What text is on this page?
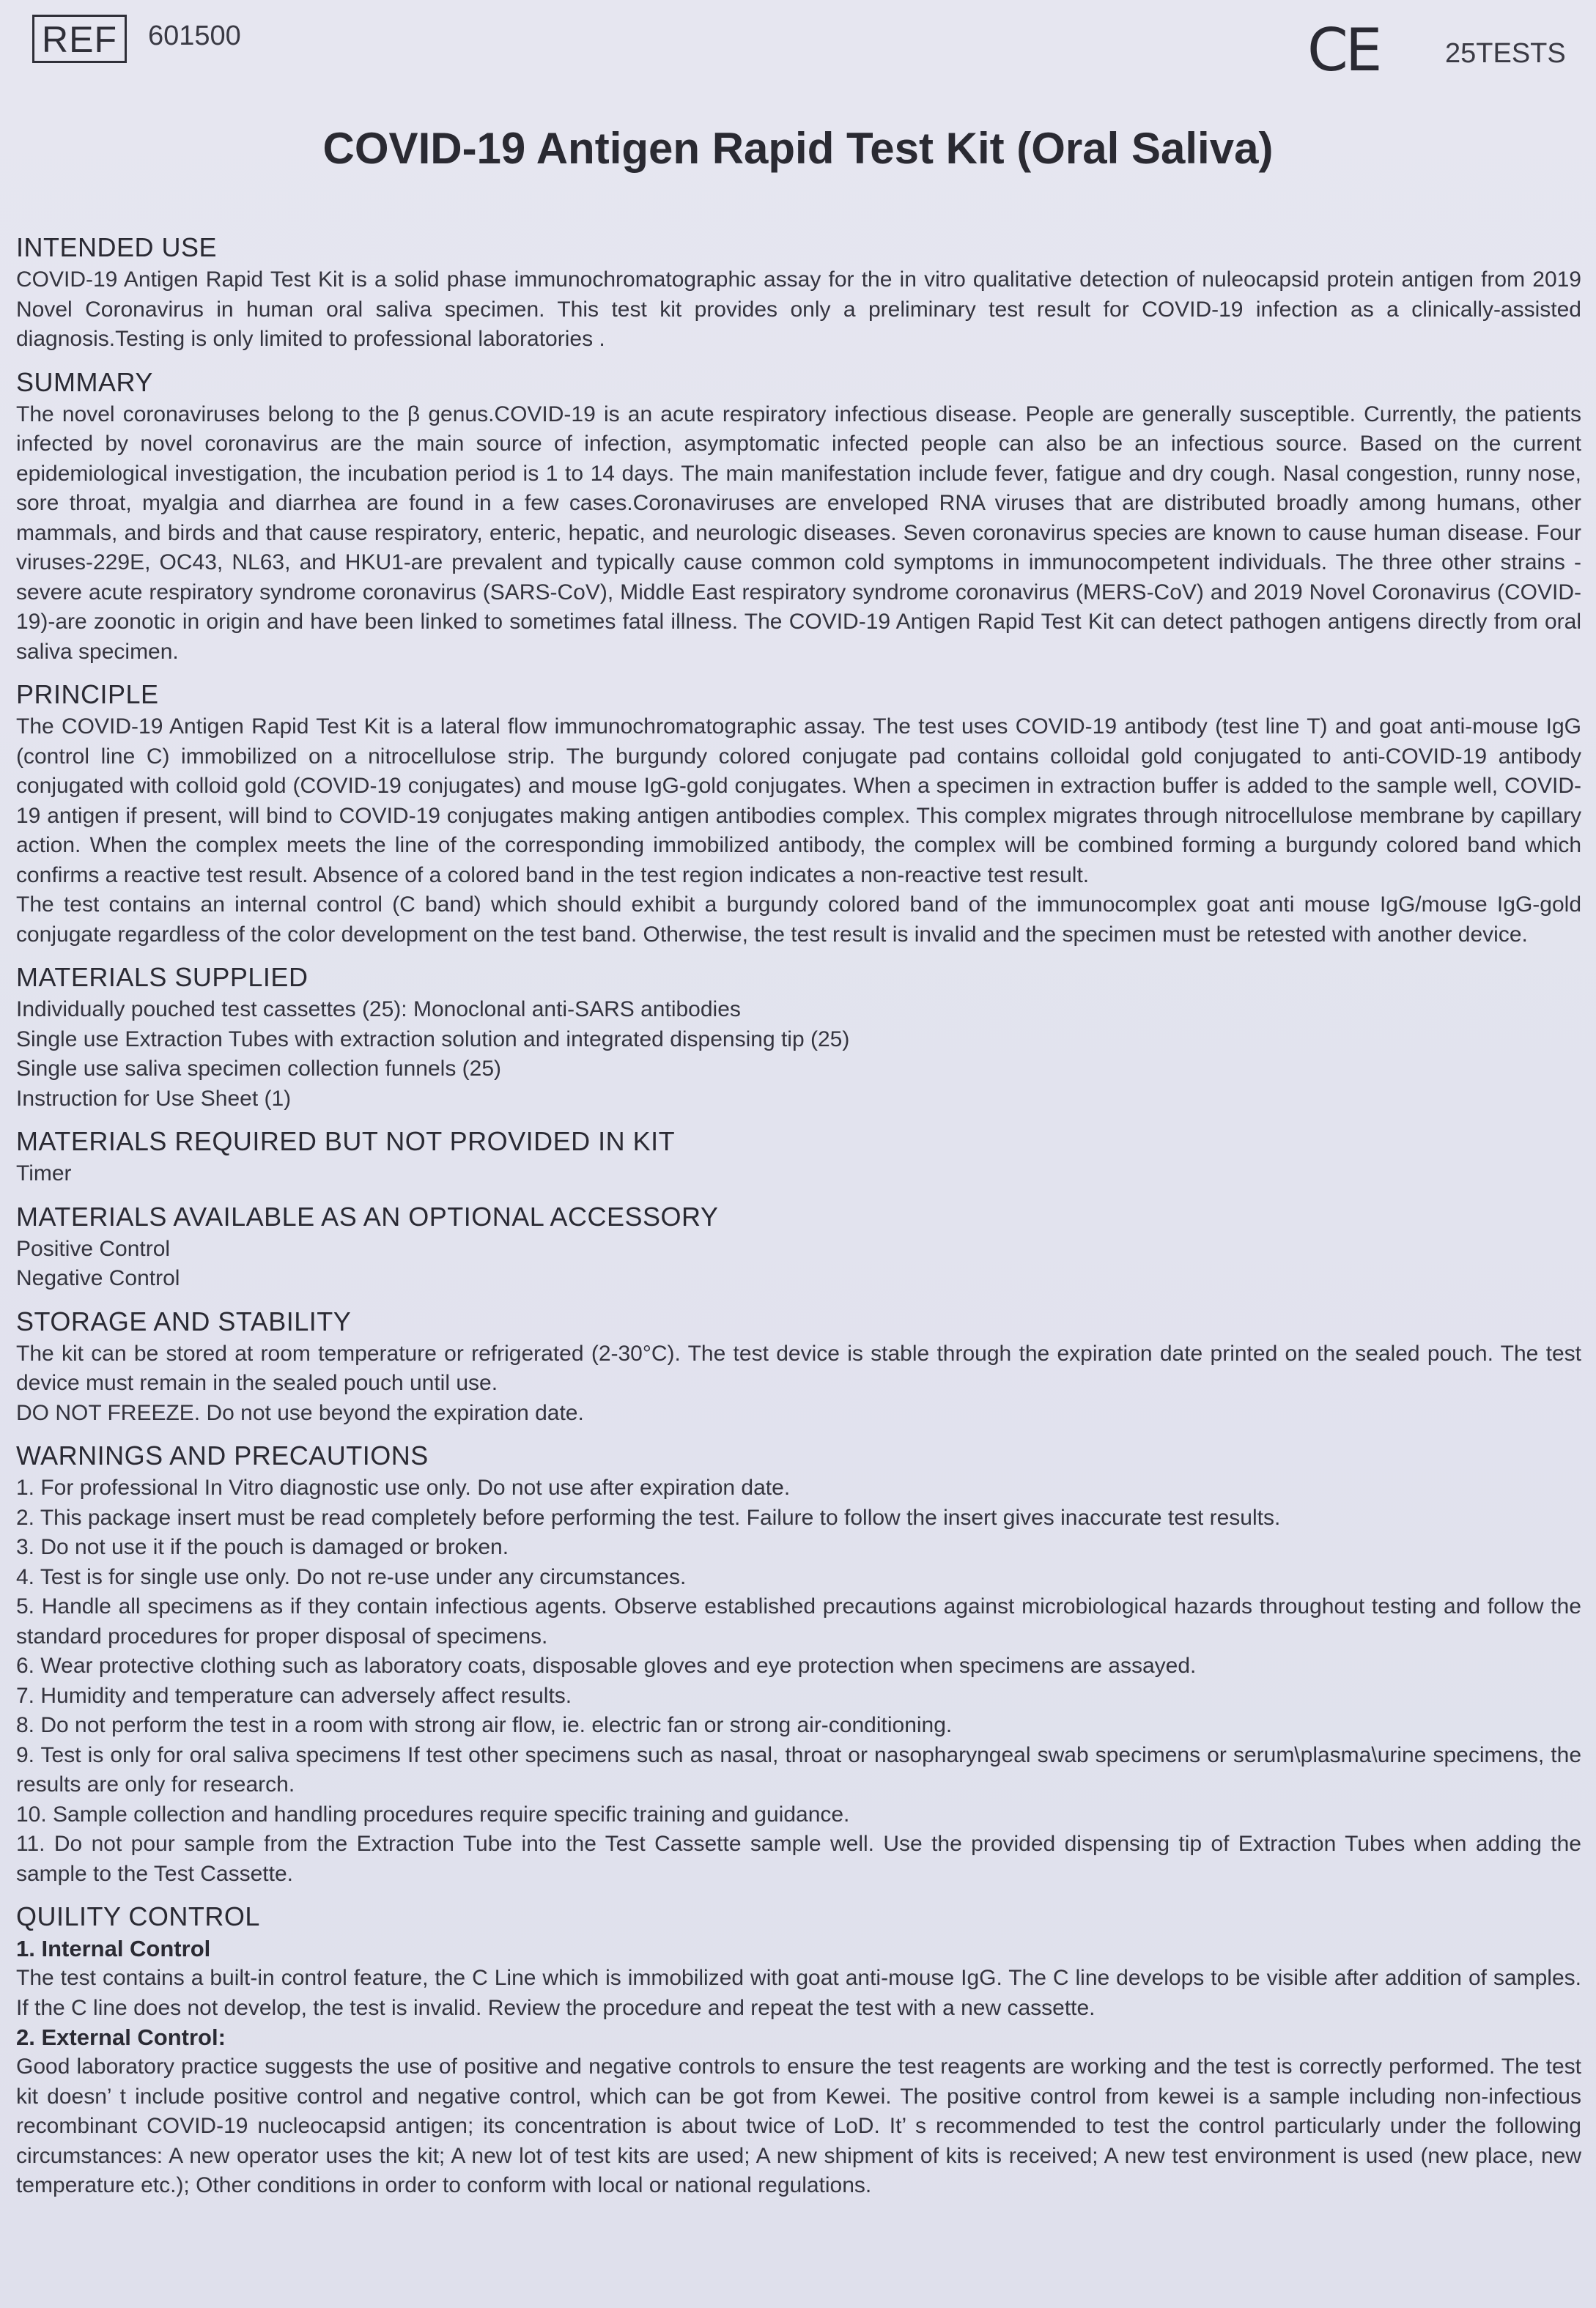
REF	601500	CE 25TESTS
COVID-19 Antigen Rapid Test Kit (Oral Saliva)
INTENDED USE

COVID-19 Antigen Rapid Test Kit is a solid phase immunochromatographic assay for the in vitro qualitative detection of nuleocapsid protein antigen from 2019 Novel Coronavirus in human oral saliva specimen. This test kit provides only a preliminary test result for COVID-19 infection as a clinically-assisted diagnosis.Testing is only limited to professional laboratories .

SUMMARY

The novel coronaviruses belong to the β genus.COVID-19 is an acute respiratory infectious disease. People are generally susceptible. Currently, the patients infected by novel coronavirus are the main source of infection, asymptomatic infected people can also be an infectious source. Based on the current epidemiological investigation, the incubation period is 1 to 14 days. The main manifestation include fever, fatigue and dry cough. Nasal congestion, runny nose, sore throat, myalgia and diarrhea are found in a few cases.Coronaviruses are enveloped RNA viruses that are distributed broadly among humans, other mammals, and birds and that cause respiratory, enteric, hepatic, and neurologic diseases. Seven coronavirus species are known to cause human disease. Four viruses-229E, OC43, NL63, and HKU1-are prevalent and typically cause common cold symptoms in immunocompetent individuals. The three other strains - severe acute respiratory syndrome coronavirus (SARS-CoV), Middle East respiratory syndrome coronavirus (MERS-CoV) and 2019 Novel Coronavirus (COVID-19)-are zoonotic in origin and have been linked to sometimes fatal illness. The COVID-19 Antigen Rapid Test Kit can detect pathogen antigens directly from oral saliva specimen.

PRINCIPLE

The COVID-19 Antigen Rapid Test Kit is a lateral flow immunochromatographic assay. The test uses COVID-19 antibody (test line T) and goat anti-mouse IgG (control line C) immobilized on a nitrocellulose strip. The burgundy colored conjugate pad contains colloidal gold conjugated to anti-COVID-19 antibody conjugated with colloid gold (COVID-19 conjugates) and mouse IgG-gold conjugates. When a specimen in extraction buffer is added to the sample well, COVID-19 antigen if present, will bind to COVID-19 conjugates making antigen antibodies complex. This complex migrates through nitrocellulose membrane by capillary action. When the complex meets the line of the corresponding immobilized antibody, the complex will be combined forming a burgundy colored band which confirms a reactive test result. Absence of a colored band in the test region indicates a non-reactive test result.

The test contains an internal control (C band) which should exhibit a burgundy colored band of the immunocomplex goat anti mouse IgG/mouse IgG-gold conjugate regardless of the color development on the test band. Otherwise, the test result is invalid and the specimen must be retested with another device.

MATERIALS SUPPLIED
Individually pouched test cassettes (25): Monoclonal anti-SARS antibodies
Single use Extraction Tubes with extraction solution and integrated dispensing tip (25)
Single use saliva specimen collection funnels (25)
Instruction for Use Sheet (1)
MATERIALS REQUIRED BUT NOT PROVIDED IN KIT
Timer
MATERIALS AVAILABLE AS AN OPTIONAL ACCESSORY
Positive Control
Negative Control
STORAGE AND STABILITY

The kit can be stored at room temperature or refrigerated (2-30°C). The test device is stable through the expiration date printed on the sealed pouch. The test device must remain in the sealed pouch until use.

DO NOT FREEZE. Do not use beyond the expiration date.
WARNINGS AND PRECAUTIONS

1. For professional In Vitro diagnostic use only. Do not use after expiration date.

2. This package insert must be read completely before performing the test. Failure to follow the insert gives inaccurate test results.

3. Do not use it if the pouch is damaged or broken.

4. Test is for single use only. Do not re-use under any circumstances.

5. Handle all specimens as if they contain infectious agents. Observe established precautions against microbiological hazards throughout testing and follow the standard procedures for proper disposal of specimens.

6. Wear protective clothing such as laboratory coats, disposable gloves and eye protection when specimens are assayed.

7. Humidity and temperature can adversely affect results.

8. Do not perform the test in a room with strong air flow, ie. electric fan or strong air-conditioning.

9. Test is only for oral saliva specimens If test other specimens such as nasal, throat or nasopharyngeal swab specimens or serum\plasma\urine specimens, the results are only for research.

10. Sample collection and handling procedures require specific training and guidance.

11. Do not pour sample from the Extraction Tube into the Test Cassette sample well. Use the provided dispensing tip of Extraction Tubes when adding the sample to the Test Cassette.

QUILITY CONTROL
1. Internal Control

The test contains a built-in control feature, the C Line which is immobilized with goat anti-mouse IgG. The C line develops to be visible after addition of samples. If the C line does not develop, the test is invalid. Review the procedure and repeat the test with a new cassette.

2. External Control:

Good laboratory practice suggests the use of positive and negative controls to ensure the test reagents are working and the test is correctly performed. The test kit doesn’ t include positive control and negative control, which can be got from Kewei. The positive control from kewei is a sample including non-infectious recombinant COVID-19 nucleocapsid antigen; its concentration is about twice of LoD. It’ s recommended to test the control particularly under the following circumstances: A new operator uses the kit; A new lot of test kits are used; A new shipment of kits is received; A new test environment is used (new place, new temperature etc.); Other conditions in order to conform with local or national regulations.
